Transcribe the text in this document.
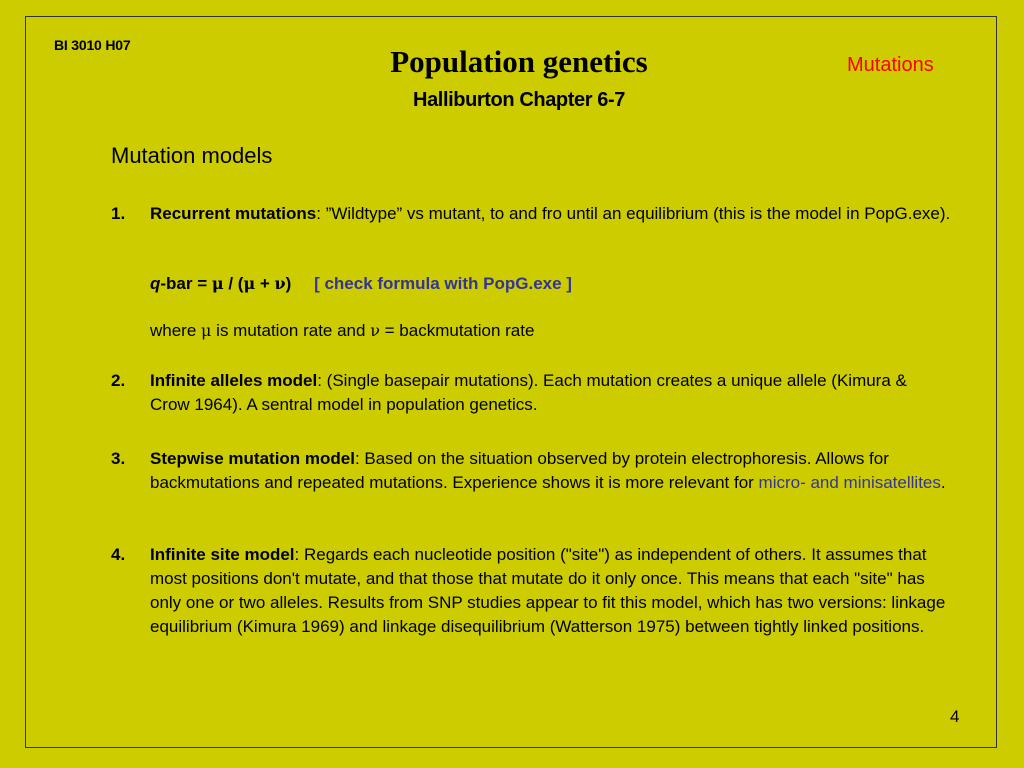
BI 3010 H07	Population genetics
Halliburton Chapter 6-7
Mutations
Mutation models
1. Recurrent mutations: ”Wildtype” vs mutant, to and fro until an equilibrium (this is the model in PopG.exe).
q-bar = μ / (μ + ν) [ check formula with PopG.exe ]
where μ is mutation rate and ν = backmutation rate
2. Infinite alleles model: (Single basepair mutations). Each mutation creates a unique allele (Kimura & Crow 1964). A sentral model in population genetics.
3. Stepwise mutation model: Based on the situation observed by protein electrophoresis. Allows for backmutations and repeated mutations. Experience shows it is more relevant for micro- and minisatellites.
4. Infinite site model: Regards each nucleotide position ("site") as independent of others. It assumes that most positions don't mutate, and that those that mutate do it only once. This means that each "site" has only one or two alleles. Results from SNP studies appear to fit this model, which has two versions: linkage equilibrium (Kimura 1969) and linkage disequilibrium (Watterson 1975) between tightly linked positions.
4
